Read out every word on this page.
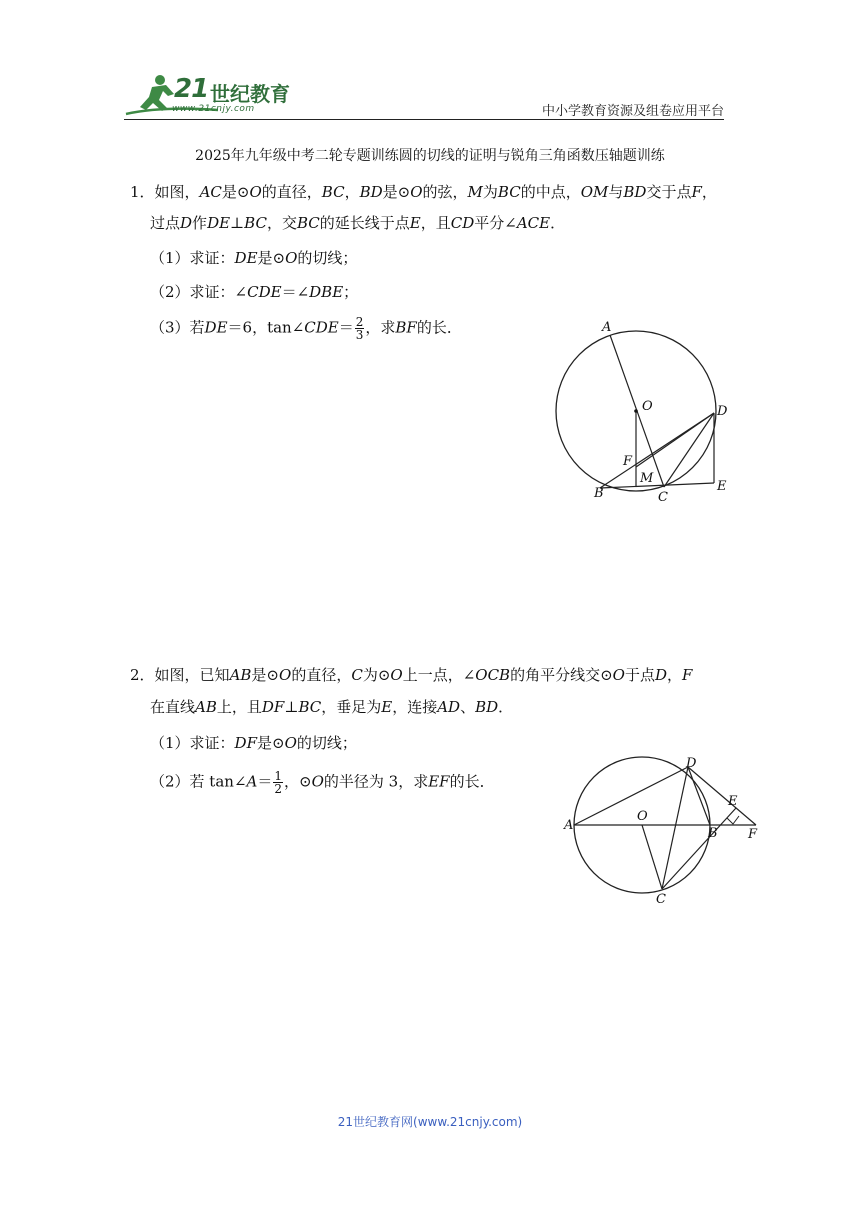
21 世纪教育
www.21cnjy.com	中小学教育资源及组卷应用平台
2025年九年级中考二轮专题训练圆的切线的证明与锐角三角函数压轴题训练
1．如图，AC是⊙O的直径，BC，BD是⊙O的弦，M为BC的中点，OM与BD交于点F，
过点D作DE⊥BC，交BC的延长线于点E，且CD平分∠ACE．
（1）求证：DE是⊙O的切线；
（2）求证：∠CDE＝∠DBE；
（3）若DE＝6，tan∠CDE＝ $\frac{2}{3}$ ，求BF的长．	A
O	D
F
M
B	C
E
2．如图，已知AB是⊙O的直径，C为⊙O上一点，∠OCB的角平分线交⊙O于点D，F
在直线AB上，且DF⊥BC，垂足为E，连接AD、BD．
（1）求证：DF是⊙O的切线；
（2）若 tan∠A＝ $\frac{1}{2}$ ，⊙O的半径为 3，求EF的长．
A
O
D
E
B F
C
21世纪教育网(www.21cnjy.com)
